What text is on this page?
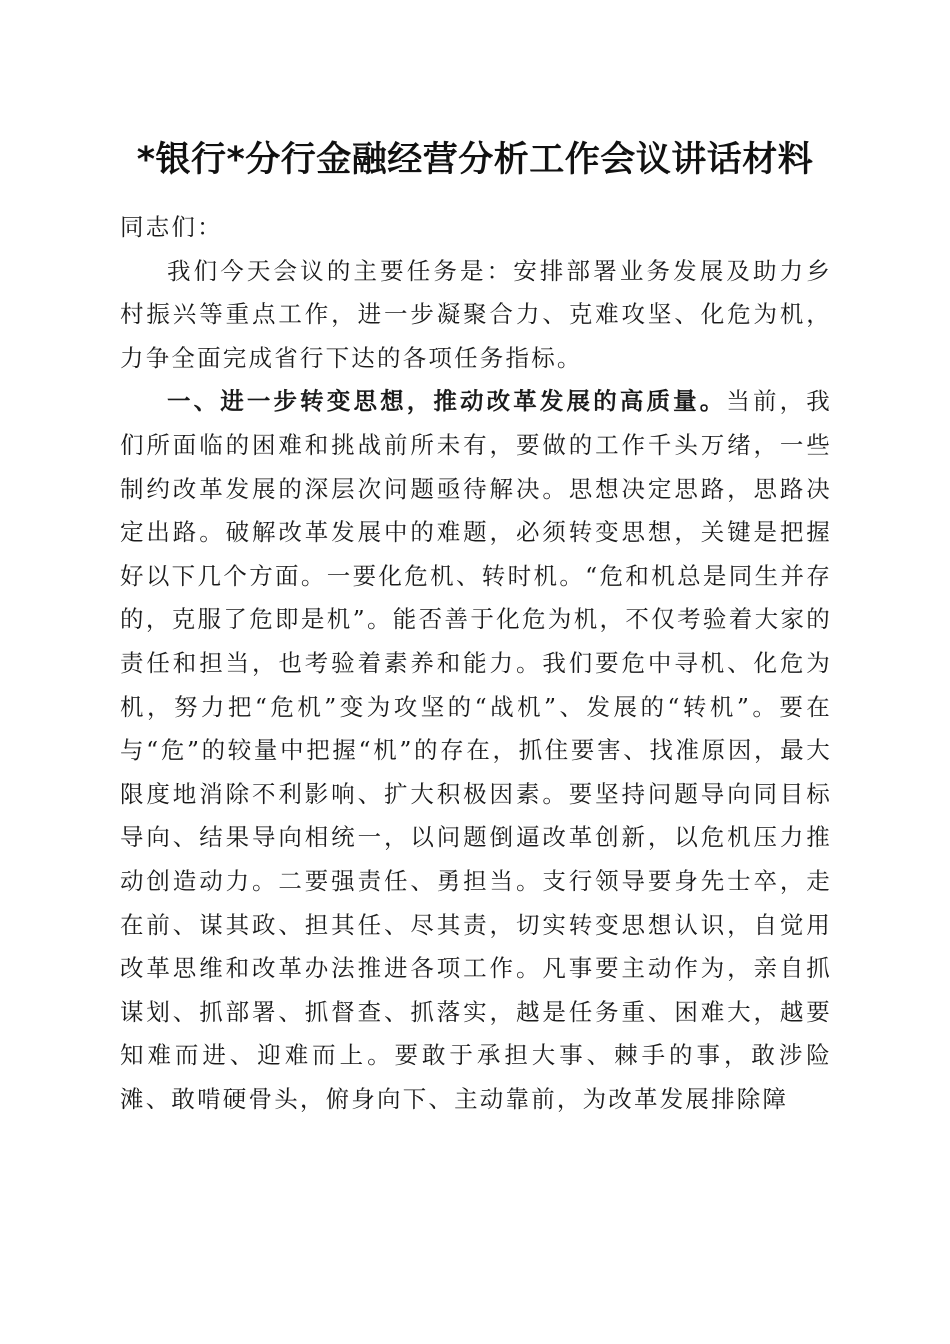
*银行*分行金融经营分析工作会议讲话材料

同志们：

我们今天会议的主要任务是：安排部署业务发展及助力乡村振兴等重点工作，进一步凝聚合力、克难攻坚、化危为机，力争全面完成省行下达的各项任务指标。

一、进一步转变思想，推动改革发展的高质量。当前，我们所面临的困难和挑战前所未有，要做的工作千头万绪，一些制约改革发展的深层次问题亟待解决。思想决定思路，思路决定出路。破解改革发展中的难题，必须转变思想，关键是把握好以下几个方面。一要化危机、转时机。“危和机总是同生并存的，克服了危即是机”。能否善于化危为机，不仅考验着大家的责任和担当，也考验着素养和能力。我们要危中寻机、化危为机，努力把“危机”变为攻坚的“战机”、发展的“转机”。要在与“危”的较量中把握“机”的存在，抓住要害、找准原因，最大限度地消除不利影响、扩大积极因素。要坚持问题导向同目标导向、结果导向相统一，以问题倒逼改革创新，以危机压力推动创造动力。二要强责任、勇担当。支行领导要身先士卒，走在前、谋其政、担其任、尽其责，切实转变思想认识，自觉用改革思维和改革办法推进各项工作。凡事要主动作为，亲自抓谋划、抓部署、抓督查、抓落实，越是任务重、困难大，越要知难而进、迎难而上。要敢于承担大事、棘手的事，敢涉险滩、敢啃硬骨头，俯身向下、主动靠前，为改革发展排除障
